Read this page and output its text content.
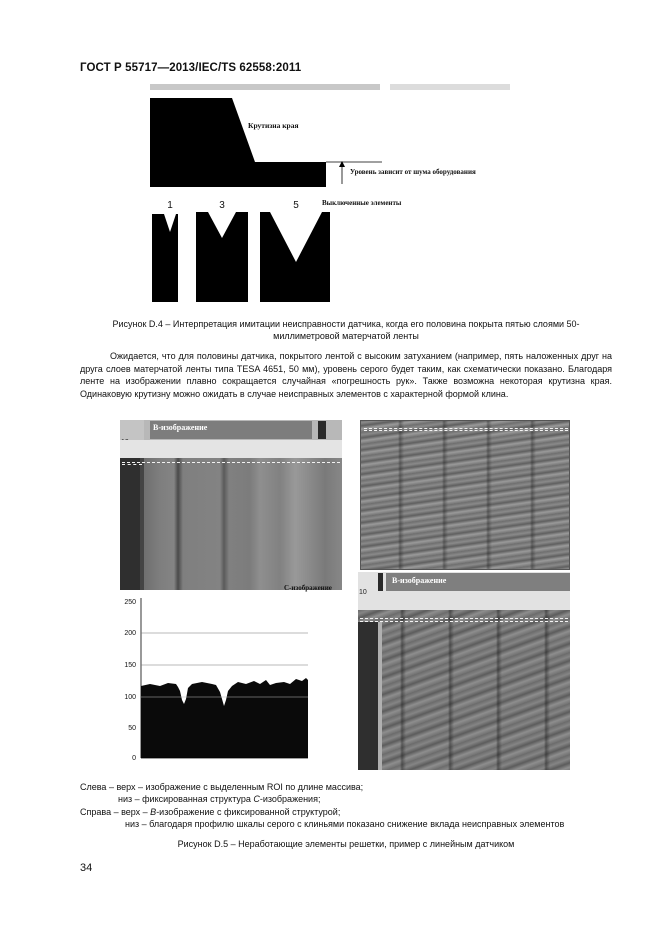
ГОСТ Р 55717—2013/IEC/TS 62558:2011
Крутизна края
Уровень зависит от шума оборудования
1	3	5	Выключенные элементы
Рисунок D.4 – Интерпретация имитации неисправности датчика, когда его половина покрыта пятью слоями 50-
миллиметровой матерчатой ленты
Ожидается, что для половины датчика, покрытого лентой с высоким затуханием (например, пять наложенных друг на друга слоев матерчатой ленты типа TESA 4651, 50 мм), уровень серого будет таким, как схематически показано. Благодаря ленте на изображении плавно сокращается случайная «погрешность рук». Также возможна некоторая крутизна края. Одинаковую крутизну можно ожидать в случае неисправных элементов с характерной формой клина.
В-изображение
С-изображение
250
200
150
100
50
0
В-изображение
10
Слева – верх – изображение с выделенным ROI по длине массива;
низ – фиксированная структура С-изображения;
Справа – верх – В-изображение с фиксированной структурой;
низ – благодаря профилю шкалы серого с клиньями показано снижение вклада неисправных элементов
Рисунок D.5 – Неработающие элементы решетки, пример с линейным датчиком
34
